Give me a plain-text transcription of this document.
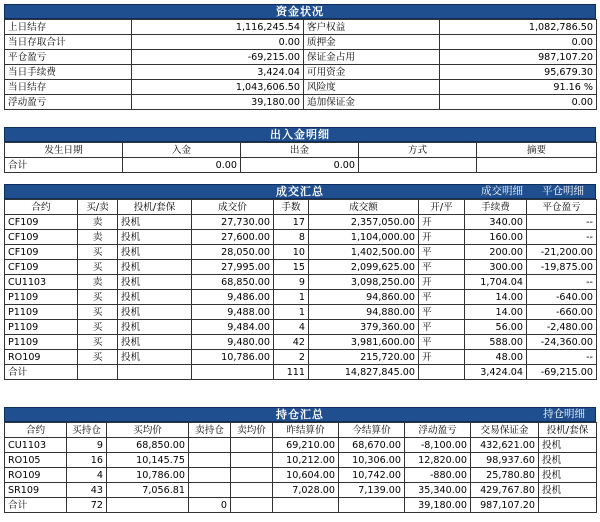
资金状况
上日结存	1,116,245.54	客户权益	1,082,786.50
当日存取合计	0.00	质押金	0.00
平仓盈亏	-69,215.00	保证金占用	987,107.20
当日手续费	3,424.04	可用资金	95,679.30
当日结存	1,043,606.50	风险度	91.16 %
浮动盈亏	39,180.00	追加保证金	0.00
出入金明细
发生日期	入金	出金	方式	摘要
合计	0.00	0.00		
成交汇总	成交明细 平仓明细
合约	买/卖	投机/套保	成交价	手数	成交额	开/平	手续费	平仓盈亏
CF109	卖	投机	27,730.00	17	2,357,050.00	开	340.00	--
CF109	卖	投机	27,600.00	8	1,104,000.00	开	160.00	--
CF109	买	投机	28,050.00	10	1,402,500.00	平	200.00	-21,200.00
CF109	买	投机	27,995.00	15	2,099,625.00	平	300.00	-19,875.00
CU1103	卖	投机	68,850.00	9	3,098,250.00	开	1,704.04	--
P1109	买	投机	9,486.00	1	94,860.00	平	14.00	-640.00
P1109	买	投机	9,488.00	1	94,880.00	平	14.00	-660.00
P1109	买	投机	9,484.00	4	379,360.00	平	56.00	-2,480.00
P1109	买	投机	9,480.00	42	3,981,600.00	平	588.00	-24,360.00
RO109	买	投机	10,786.00	2	215,720.00	开	48.00	--
合计				111	14,827,845.00		3,424.04	-69,215.00
持仓汇总	持仓明细
合约	买持仓	买均价	卖持仓	卖均价	昨结算价	今结算价	浮动盈亏	交易保证金	投机/套保
CU1103	9	68,850.00			69,210.00	68,670.00	-8,100.00	432,621.00	投机
RO105	16	10,145.75			10,212.00	10,306.00	12,820.00	98,937.60	投机
RO109	4	10,786.00			10,604.00	10,742.00	-880.00	25,780.80	投机
SR109	43	7,056.81			7,028.00	7,139.00	35,340.00	429,767.80	投机
合计	72		0				39,180.00	987,107.20	
